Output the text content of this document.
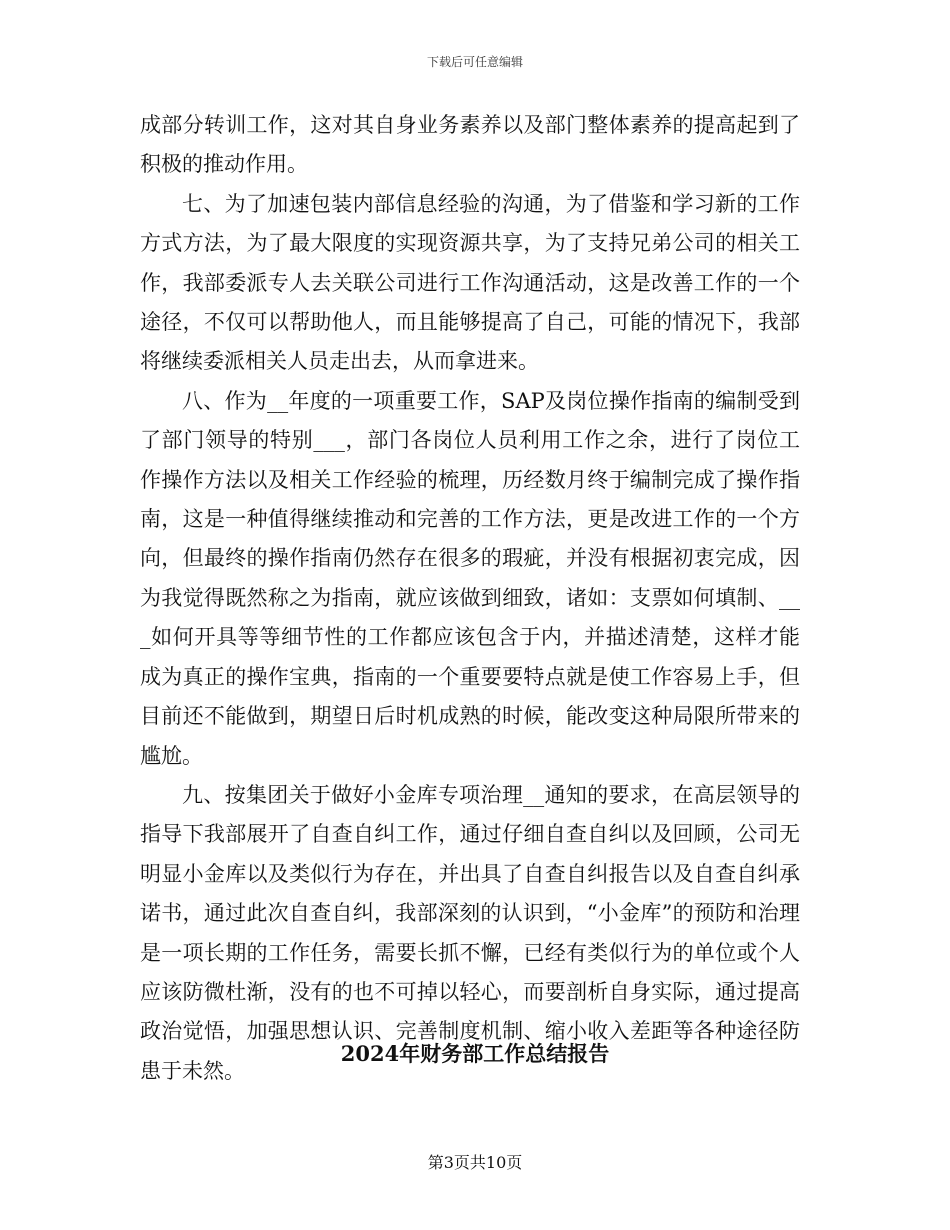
下载后可任意编辑

成部分转训工作，这对其自身业务素养以及部门整体素养的提高起到了积极的推动作用。

七、为了加速包装内部信息经验的沟通，为了借鉴和学习新的工作方式方法，为了最大限度的实现资源共享，为了支持兄弟公司的相关工作，我部委派专人去关联公司进行工作沟通活动，这是改善工作的一个途径，不仅可以帮助他人，而且能够提高了自己，可能的情况下，我部将继续委派相关人员走出去，从而拿进来。

八、作为__年度的一项重要工作，SAP及岗位操作指南的编制受到了部门领导的特别___，部门各岗位人员利用工作之余，进行了岗位工作操作方法以及相关工作经验的梳理，历经数月终于编制完成了操作指南，这是一种值得继续推动和完善的工作方法，更是改进工作的一个方向，但最终的操作指南仍然存在很多的瑕疵，并没有根据初衷完成，因为我觉得既然称之为指南，就应该做到细致，诸如：支票如何填制、___如何开具等等细节性的工作都应该包含于内，并描述清楚，这样才能成为真正的操作宝典，指南的一个重要要特点就是使工作容易上手，但目前还不能做到，期望日后时机成熟的时候，能改变这种局限所带来的尴尬。

九、按集团关于做好小金库专项治理__通知的要求，在高层领导的指导下我部展开了自查自纠工作，通过仔细自查自纠以及回顾，公司无明显小金库以及类似行为存在，并出具了自查自纠报告以及自查自纠承诺书，通过此次自查自纠，我部深刻的认识到，“小金库”的预防和治理是一项长期的工作任务，需要长抓不懈，已经有类似行为的单位或个人应该防微杜渐，没有的也不可掉以轻心，而要剖析自身实际，通过提高政治觉悟，加强思想认识、完善制度机制、缩小收入差距等各种途径防患于未然。

2024年财务部工作总结报告
第3页共10页
